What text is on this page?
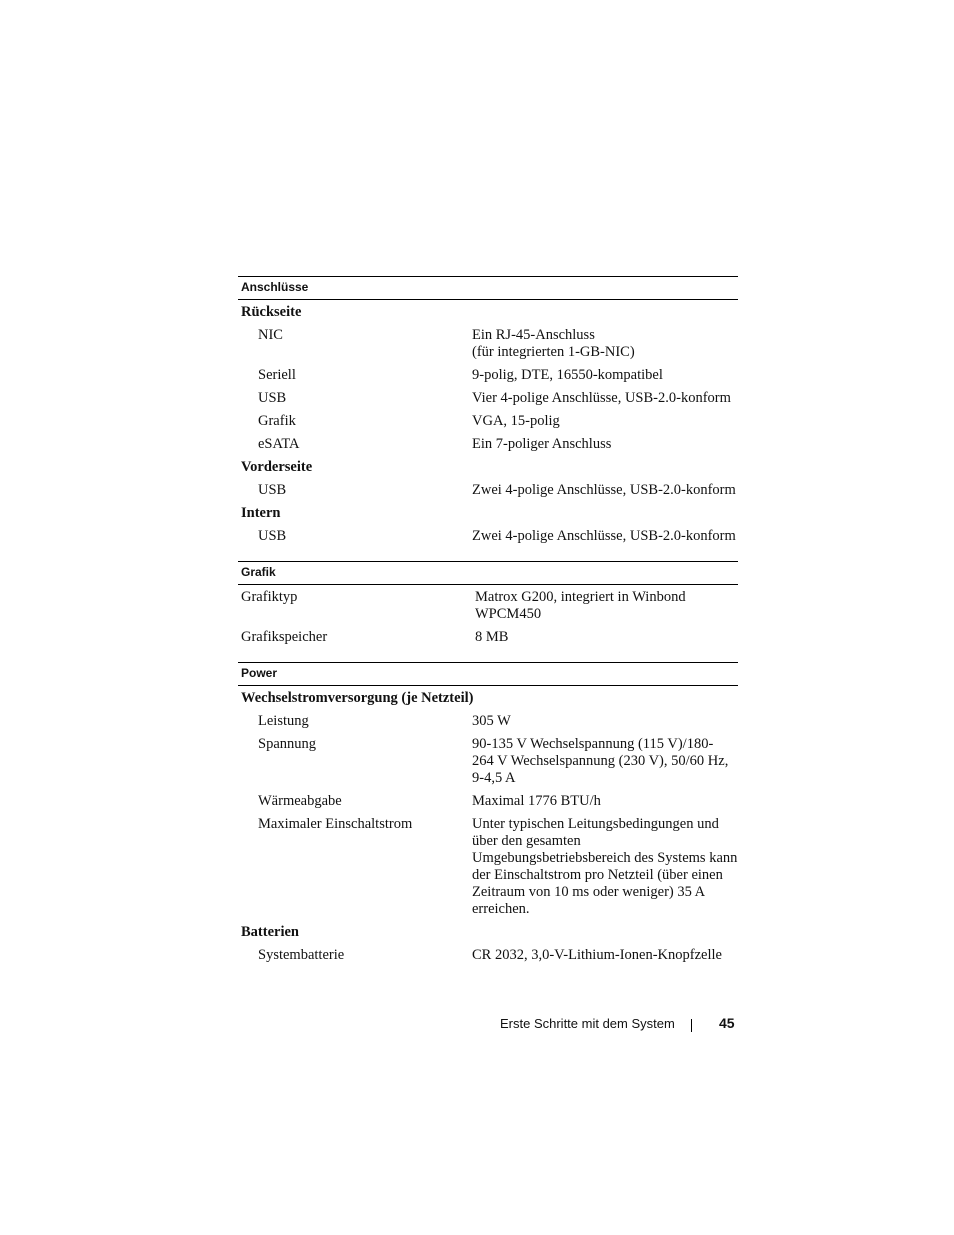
Anschlüsse
Rückseite
NIC	Ein RJ-45-Anschluss
(für integrierten 1-GB-NIC)
Seriell	9-polig, DTE, 16550-kompatibel
USB	Vier 4-polige Anschlüsse, USB-2.0-konform
Grafik	VGA, 15-polig
eSATA	Ein 7-poliger Anschluss
Vorderseite
USB	Zwei 4-polige Anschlüsse, USB-2.0-konform
Intern
USB	Zwei 4-polige Anschlüsse, USB-2.0-konform
Grafik
Grafiktyp	Matrox G200, integriert in Winbond
WPCM450
Grafikspeicher	8 MB
Power
Wechselstromversorgung (je Netzteil)
Leistung	305 W
Spannung	90-135 V Wechselspannung (115 V)/180-
264 V Wechselspannung (230 V), 50/60 Hz,
9-4,5 A
Wärmeabgabe	Maximal 1776 BTU/h
Maximaler Einschaltstrom	Unter typischen Leitungsbedingungen und
über den gesamten
Umgebungsbetriebsbereich des Systems kann
der Einschaltstrom pro Netzteil (über einen
Zeitraum von 10 ms oder weniger) 35 A
erreichen.
Batterien
Systembatterie	CR 2032, 3,0-V-Lithium-Ionen-Knopfzelle
Erste Schritte mit dem System	45
